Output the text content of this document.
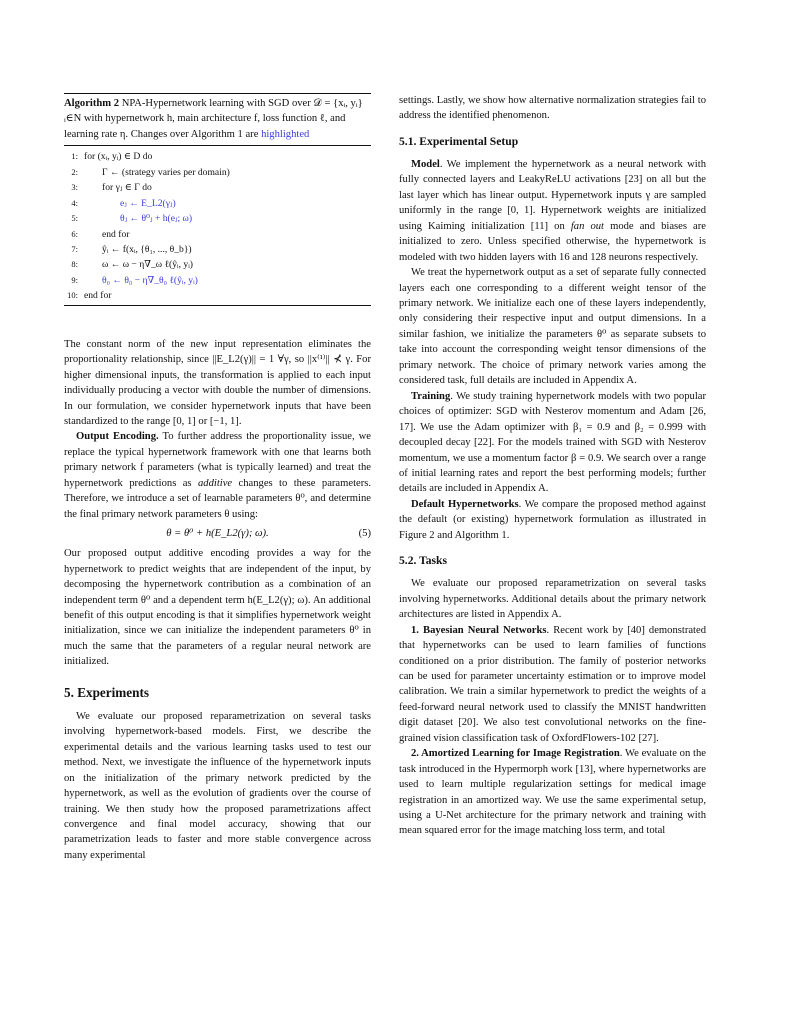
Algorithm 2 NPA-Hypernetwork learning with SGD over 𝒟 = {xᵢ, yᵢ}ᵢ∈N with hypernetwork h, main architecture f, loss function ℓ, and learning rate η. Changes over Algorithm 1 are highlighted

1: for (xᵢ, yᵢ) ∈ D do
2:	Γ ← (strategy varies per domain)
3:	for γⱼ ∈ Γ do
4:	eⱼ ← E_L2(γⱼ)
5:	θⱼ ← θ⁰ⱼ + h(eⱼ; ω)
6:	end for
7:	ŷᵢ ← f(xᵢ, {θ₁, ..., θ_b})
8:	ω ← ω − η∇_ω ℓ(ŷᵢ, yᵢ)
9:	θ₀ ← θ₀ − η∇_θ₀ ℓ(ŷᵢ, yᵢ)
10: end for

The constant norm of the new input representation eliminates the proportionality relationship, since ||E_L2(γ)|| = 1 ∀γ, so ||x⁽¹⁾|| ⊀ γ. For higher dimensional inputs, the transformation is applied to each input individually producing a vector with double the number of dimensions. In our formulation, we consider hypernetwork inputs that have been standardized to the range [0, 1] or [−1, 1].

Output Encoding. To further address the proportionality issue, we replace the typical hypernetwork framework with one that learns both primary network f parameters (what is typically learned) and treat the hypernetwork predictions as additive changes to these parameters. Therefore, we introduce a set of learnable parameters θ⁰, and determine the final primary network parameters θ using:

θ = θ⁰ + h(E_L2(γ); ω).	(5)

Our proposed output additive encoding provides a way for the hypernetwork to predict weights that are independent of the input, by decomposing the hypernetwork contribution as a combination of an independent term θ⁰ and a dependent term h(E_L2(γ); ω). An additional benefit of this output encoding is that it simplifies hypernetwork weight initialization, since we can initialize the independent parameters θ⁰ in much the same that the parameters of a regular neural network are initialized.

5. Experiments

We evaluate our proposed reparametrization on several tasks involving hypernetwork-based models. First, we describe the experimental details and the various learning tasks used to test our method. Next, we investigate the influence of the hypernetwork inputs on the initialization of the primary network predicted by the hypernetwork, as well as the evolution of gradients over the course of training. We then study how the proposed parametrizations affect convergence and final model accuracy, showing that our parametrization leads to faster and more stable convergence across many experimental

settings. Lastly, we show how alternative normalization strategies fail to address the identified phenomenon.

5.1. Experimental Setup

Model. We implement the hypernetwork as a neural network with fully connected layers and LeakyReLU activations [23] on all but the last layer which has linear output. Hypernetwork inputs γ are sampled uniformly in the range [0, 1]. Hypernetwork weights are initialized using Kaiming initialization [11] on fan out mode and biases are initialized to zero. Unless specified otherwise, the hypernetwork is modeled with two hidden layers with 16 and 128 neurons respectively.

We treat the hypernetwork output as a set of separate fully connected layers each one corresponding to a different weight tensor of the primary network. We initialize each one of these layers independently, only considering their respective input and output dimensions. In a similar fashion, we initialize the parameters θ⁰ as separate subsets to take into account the corresponding weight tensor dimensions of the primary network. The choice of primary network varies among the considered task, full details are included in Appendix A.

Training. We study training hypernetwork models with two popular choices of optimizer: SGD with Nesterov momentum and Adam [26, 17]. We use the Adam optimizer with β₁ = 0.9 and β₂ = 0.999 with decoupled decay [22]. For the models trained with SGD with Nesterov momentum, we use a momentum factor β = 0.9. We search over a range of initial learning rates and report the best performing models; further details are included in Appendix A.

Default Hypernetworks. We compare the proposed method against the default (or existing) hypernetwork formulation as illustrated in Figure 2 and Algorithm 1.

5.2. Tasks

We evaluate our proposed reparametrization on several tasks involving hypernetworks. Additional details about the primary network architectures are listed in Appendix A.

1. Bayesian Neural Networks. Recent work by [40] demonstrated that hypernetworks can be used to learn families of functions conditioned on a prior distribution. The family of posterior networks can be used for parameter uncertainty estimation or to improve model calibration. We train a similar hypernetwork to predict the weights of a feed-forward neural network used to classify the MNIST handwritten digit dataset [20]. We also test convolutional networks on the fine-grained vision classification task of OxfordFlowers-102 [27].

2. Amortized Learning for Image Registration. We evaluate on the task introduced in the Hypermorph work [13], where hypernetworks are used to learn multiple regularization settings for medical image registration in an amortized way. We use the same experimental setup, using a U-Net architecture for the primary network and training with mean squared error for the image matching loss term, and total
